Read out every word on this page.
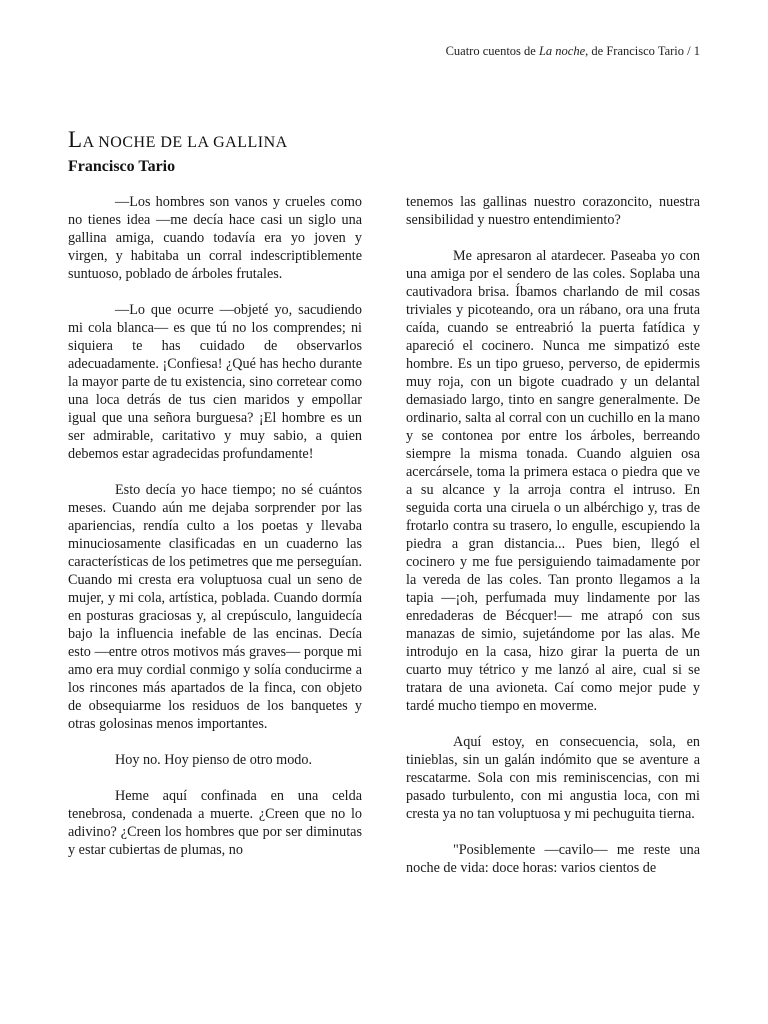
Cuatro cuentos de La noche, de Francisco Tario / 1
LA NOCHE DE LA GALLINA

Francisco Tario

—Los hombres son vanos y crueles como no tienes idea —me decía hace casi un siglo una gallina amiga, cuando todavía era yo joven y virgen, y habitaba un corral indescriptiblemente suntuoso, poblado de árboles frutales.

—Lo que ocurre —objeté yo, sacudiendo mi cola blanca— es que tú no los comprendes; ni siquiera te has cuidado de observarlos adecuadamente. ¡Confiesa! ¿Qué has hecho durante la mayor parte de tu existencia, sino corretear como una loca detrás de tus cien maridos y empollar igual que una señora burguesa? ¡El hombre es un ser admirable, caritativo y muy sabio, a quien debemos estar agradecidas profundamente!

Esto decía yo hace tiempo; no sé cuántos meses. Cuando aún me dejaba sorprender por las apariencias, rendía culto a los poetas y llevaba minuciosamente clasificadas en un cuaderno las características de los petimetres que me perseguían. Cuando mi cresta era voluptuosa cual un seno de mujer, y mi cola, artística, poblada. Cuando dormía en posturas graciosas y, al crepúsculo, languidecía bajo la influencia inefable de las encinas. Decía esto —entre otros motivos más graves— porque mi amo era muy cordial conmigo y solía conducirme a los rincones más apartados de la finca, con objeto de obsequiarme los residuos de los banquetes y otras golosinas menos importantes.

Hoy no. Hoy pienso de otro modo.

Heme aquí confinada en una celda tenebrosa, condenada a muerte. ¿Creen que no lo adivino? ¿Creen los hombres que por ser diminutas y estar cubiertas de plumas, no

tenemos las gallinas nuestro corazoncito, nuestra sensibilidad y nuestro entendimiento?

Me apresaron al atardecer. Paseaba yo con una amiga por el sendero de las coles. Soplaba una cautivadora brisa. Íbamos charlando de mil cosas triviales y picoteando, ora un rábano, ora una fruta caída, cuando se entreabrió la puerta fatídica y apareció el cocinero. Nunca me simpatizó este hombre. Es un tipo grueso, perverso, de epidermis muy roja, con un bigote cuadrado y un delantal demasiado largo, tinto en sangre generalmente. De ordinario, salta al corral con un cuchillo en la mano y se contonea por entre los árboles, berreando siempre la misma tonada. Cuando alguien osa acercársele, toma la primera estaca o piedra que ve a su alcance y la arroja contra el intruso. En seguida corta una ciruela o un albérchigo y, tras de frotarlo contra su trasero, lo engulle, escupiendo la piedra a gran distancia... Pues bien, llegó el cocinero y me fue persiguiendo taimadamente por la vereda de las coles. Tan pronto llegamos a la tapia —¡oh, perfumada muy lindamente por las enredaderas de Bécquer!— me atrapó con sus manazas de simio, sujetándome por las alas. Me introdujo en la casa, hizo girar la puerta de un cuarto muy tétrico y me lanzó al aire, cual si se tratara de una avioneta. Caí como mejor pude y tardé mucho tiempo en moverme.

Aquí estoy, en consecuencia, sola, en tinieblas, sin un galán indómito que se aventure a rescatarme. Sola con mis reminiscencias, con mi pasado turbulento, con mi angustia loca, con mi cresta ya no tan voluptuosa y mi pechuguita tierna.

"Posiblemente —cavilo— me reste una noche de vida: doce horas: varios cientos de
